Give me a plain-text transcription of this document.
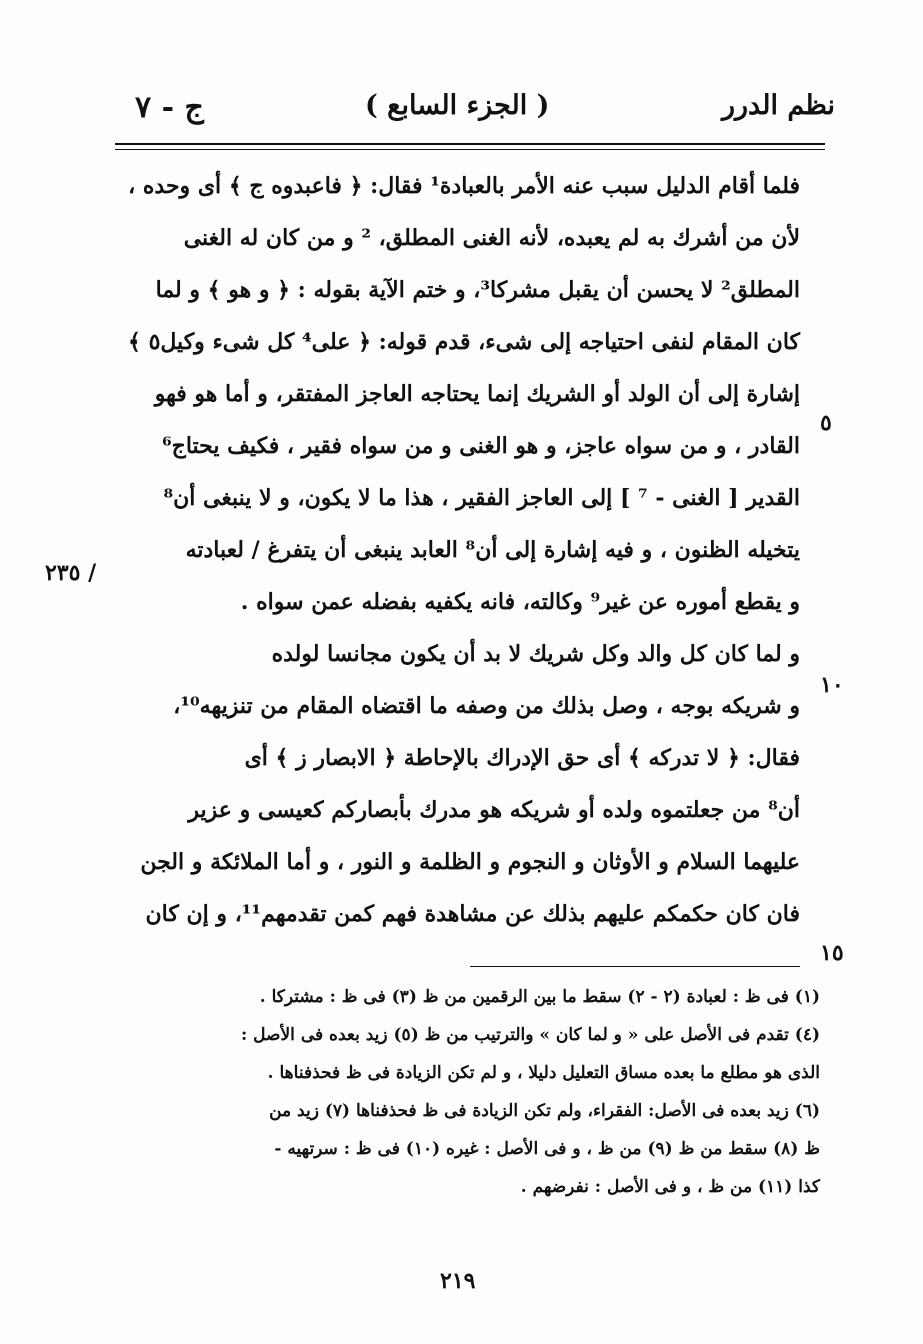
نظم الدرر
( الجزء السابع )
ج - ٧
فلما أقام الدليل سبب عنه الأمر بالعبادة¹ فقال: ﴿ فاعبدوه ج ﴾ أى وحده ،
لأن من أشرك به لم يعبده، لأنه الغنى المطلق، ² و من كان له الغنى
المطلق² لا يحسن أن يقبل مشركا³، و ختم الآية بقوله : ﴿ و هو ﴾ و لما
كان المقام لنفى احتياجه إلى شىء، قدم قوله: ﴿ على⁴ كل شىء وكيل٥ ﴾
إشارة إلى أن الولد أو الشريك إنما يحتاجه العاجز المفتقر، و أما هو فهو
القادر ، و من سواه عاجز، و هو الغنى و من سواه فقير ، فكيف يحتاج⁶
القدير [ الغنى - ⁷ ] إلى العاجز الفقير ، هذا ما لا يكون، و لا ينبغى أن⁸
يتخيله الظنون ، و فيه إشارة إلى أن⁸ العابد ينبغى أن يتفرغ / لعبادته
و يقطع أموره عن غير⁹ وكالته، فانه يكفيه بفضله عمن سواه .
و لما كان كل والد وكل شريك لا بد أن يكون مجانسا لولده
و شريكه بوجه ، وصل بذلك من وصفه ما اقتضاه المقام من تنزيهه¹⁰،
فقال: ﴿ لا تدركه ﴾ أى حق الإدراك بالإحاطة ﴿ الابصار ز ﴾ أى
أن⁸ من جعلتموه ولده أو شريكه هو مدرك بأبصاركم كعيسى و عزير
عليهما السلام و الأوثان و النجوم و الظلمة و النور ، و أما الملائكة و الجن
فان كان حكمكم عليهم بذلك عن مشاهدة فهم كمن تقدمهم¹¹، و إن كان
٥
/ ٢٣٥
١٠
١٥
(١) فى ظ : لعبادة (٢ - ٢) سقط ما بين الرقمين من ظ (٣) فى ظ : مشتركا .
(٤) تقدم فى الأصل على « و لما كان » والترتيب من ظ (٥) زيد بعده فى الأصل :
الذى هو مطلع ما بعده مساق التعليل دليلا ، و لم تكن الزيادة فى ظ فحذفناها .
(٦) زيد بعده فى الأصل: الفقراء، ولم تكن الزيادة فى ظ فحذفناها (٧) زيد من
ظ (٨) سقط من ظ (٩) من ظ ، و فى الأصل : غيره (١٠) فى ظ : سرتهيه -
كذا (١١) من ظ ، و فى الأصل : نفرضهم .
٢١٩
